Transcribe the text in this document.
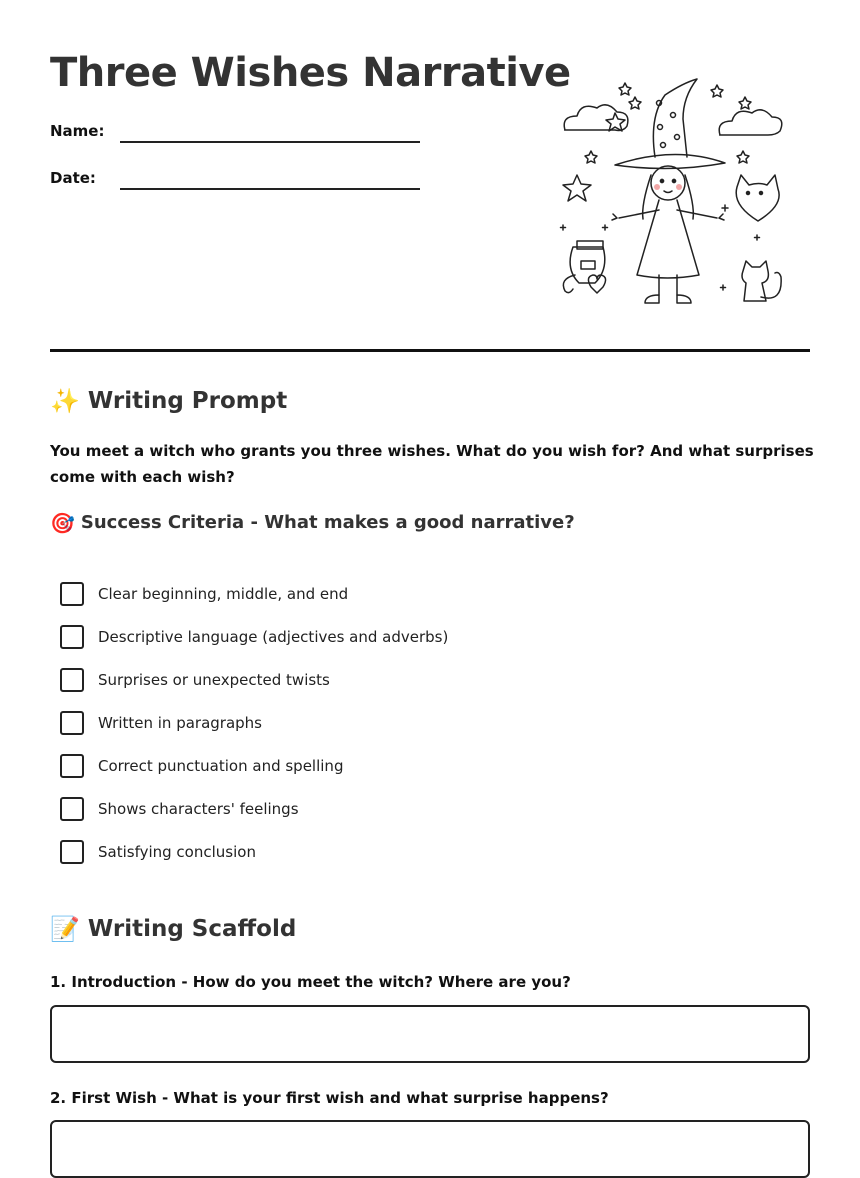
Three Wishes Narrative
Name:
Date:
✨ Writing Prompt

You meet a witch who grants you three wishes. What do you wish for? And what surprises come with each wish?

🎯 Success Criteria - What makes a good narrative?
Clear beginning, middle, and end
Descriptive language (adjectives and adverbs)
Surprises or unexpected twists
Written in paragraphs
Correct punctuation and spelling
Shows characters' feelings
Satisfying conclusion
📝 Writing Scaffold

1. Introduction - How do you meet the witch? Where are you?

2. First Wish - What is your first wish and what surprise happens?
